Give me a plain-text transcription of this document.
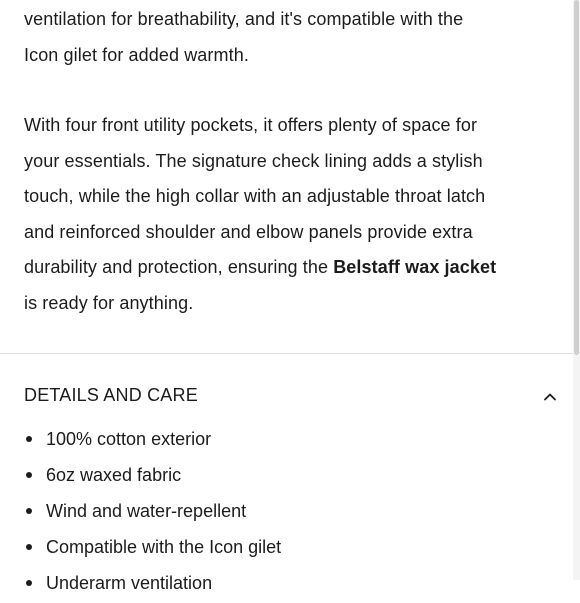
ventilation for breathability, and it's compatible with the
Icon gilet for added warmth.

With four front utility pockets, it offers plenty of space for
your essentials. The signature check lining adds a stylish
touch, while the high collar with an adjustable throat latch
and reinforced shoulder and elbow panels provide extra
durability and protection, ensuring the Belstaff wax jacket
is ready for anything.

DETAILS AND CARE
100% cotton exterior
6oz waxed fabric
Wind and water-repellent
Compatible with the Icon gilet
Underarm ventilation
